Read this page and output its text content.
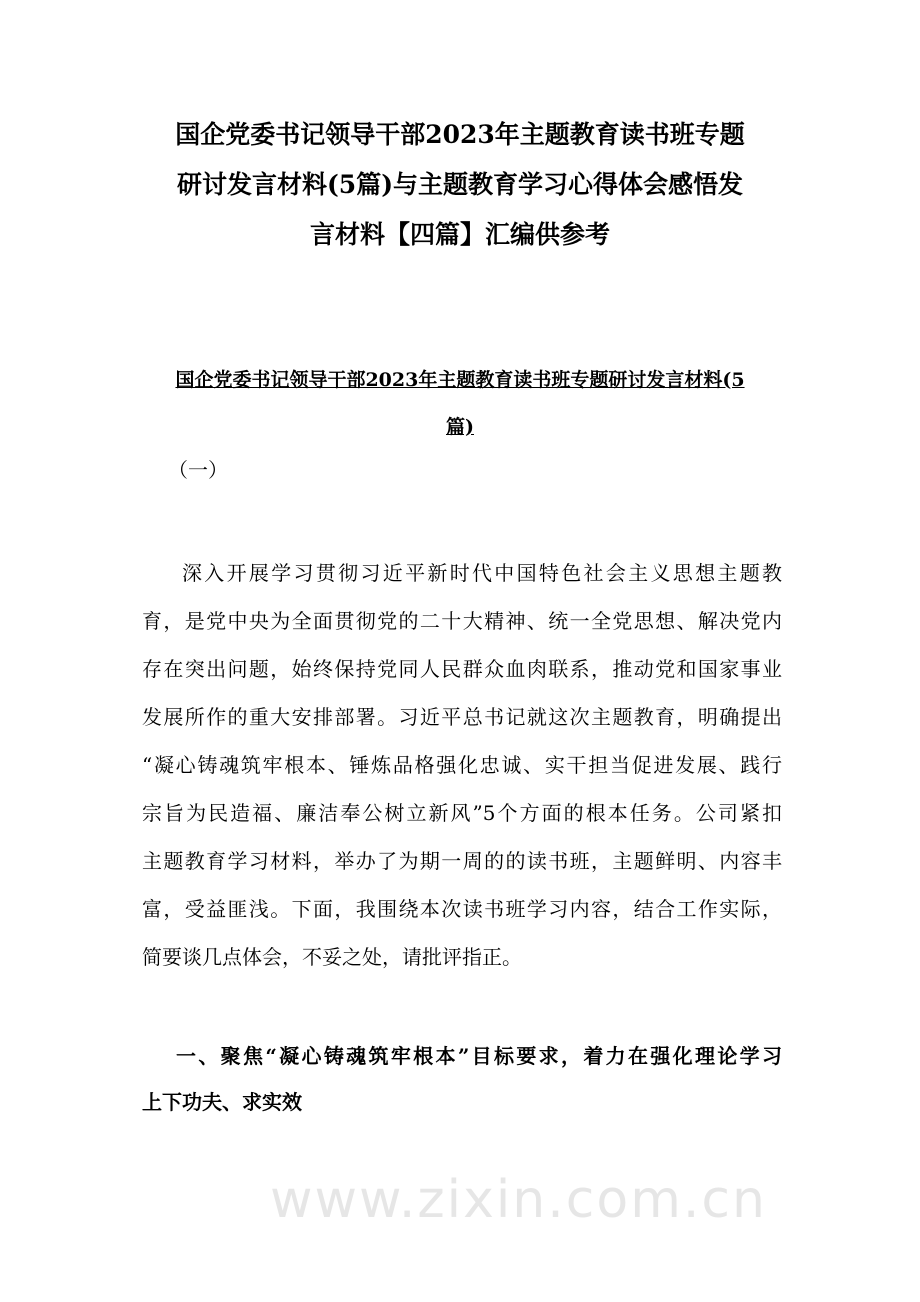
www.zixin.com.cn
国企党委书记领导干部2023年主题教育读书班专题
研讨发言材料(5篇)与主题教育学习心得体会感悟发
言材料【四篇】汇编供参考
国企党委书记领导干部2023年主题教育读书班专题研讨发言材料(5
篇)
（一）
深入开展学习贯彻习近平新时代中国特色社会主义思想主题教
育，是党中央为全面贯彻党的二十大精神、统一全党思想、解决党内
存在突出问题，始终保持党同人民群众血肉联系，推动党和国家事业
发展所作的重大安排部署。习近平总书记就这次主题教育，明确提出
“凝心铸魂筑牢根本、锤炼品格强化忠诚、实干担当促进发展、践行
宗旨为民造福、廉洁奉公树立新风”5个方面的根本任务。公司紧扣
主题教育学习材料，举办了为期一周的的读书班，主题鲜明、内容丰
富，受益匪浅。下面，我围绕本次读书班学习内容，结合工作实际，
简要谈几点体会，不妥之处，请批评指正。
一、聚焦“凝心铸魂筑牢根本”目标要求，着力在强化理论学习
上下功夫、求实效
